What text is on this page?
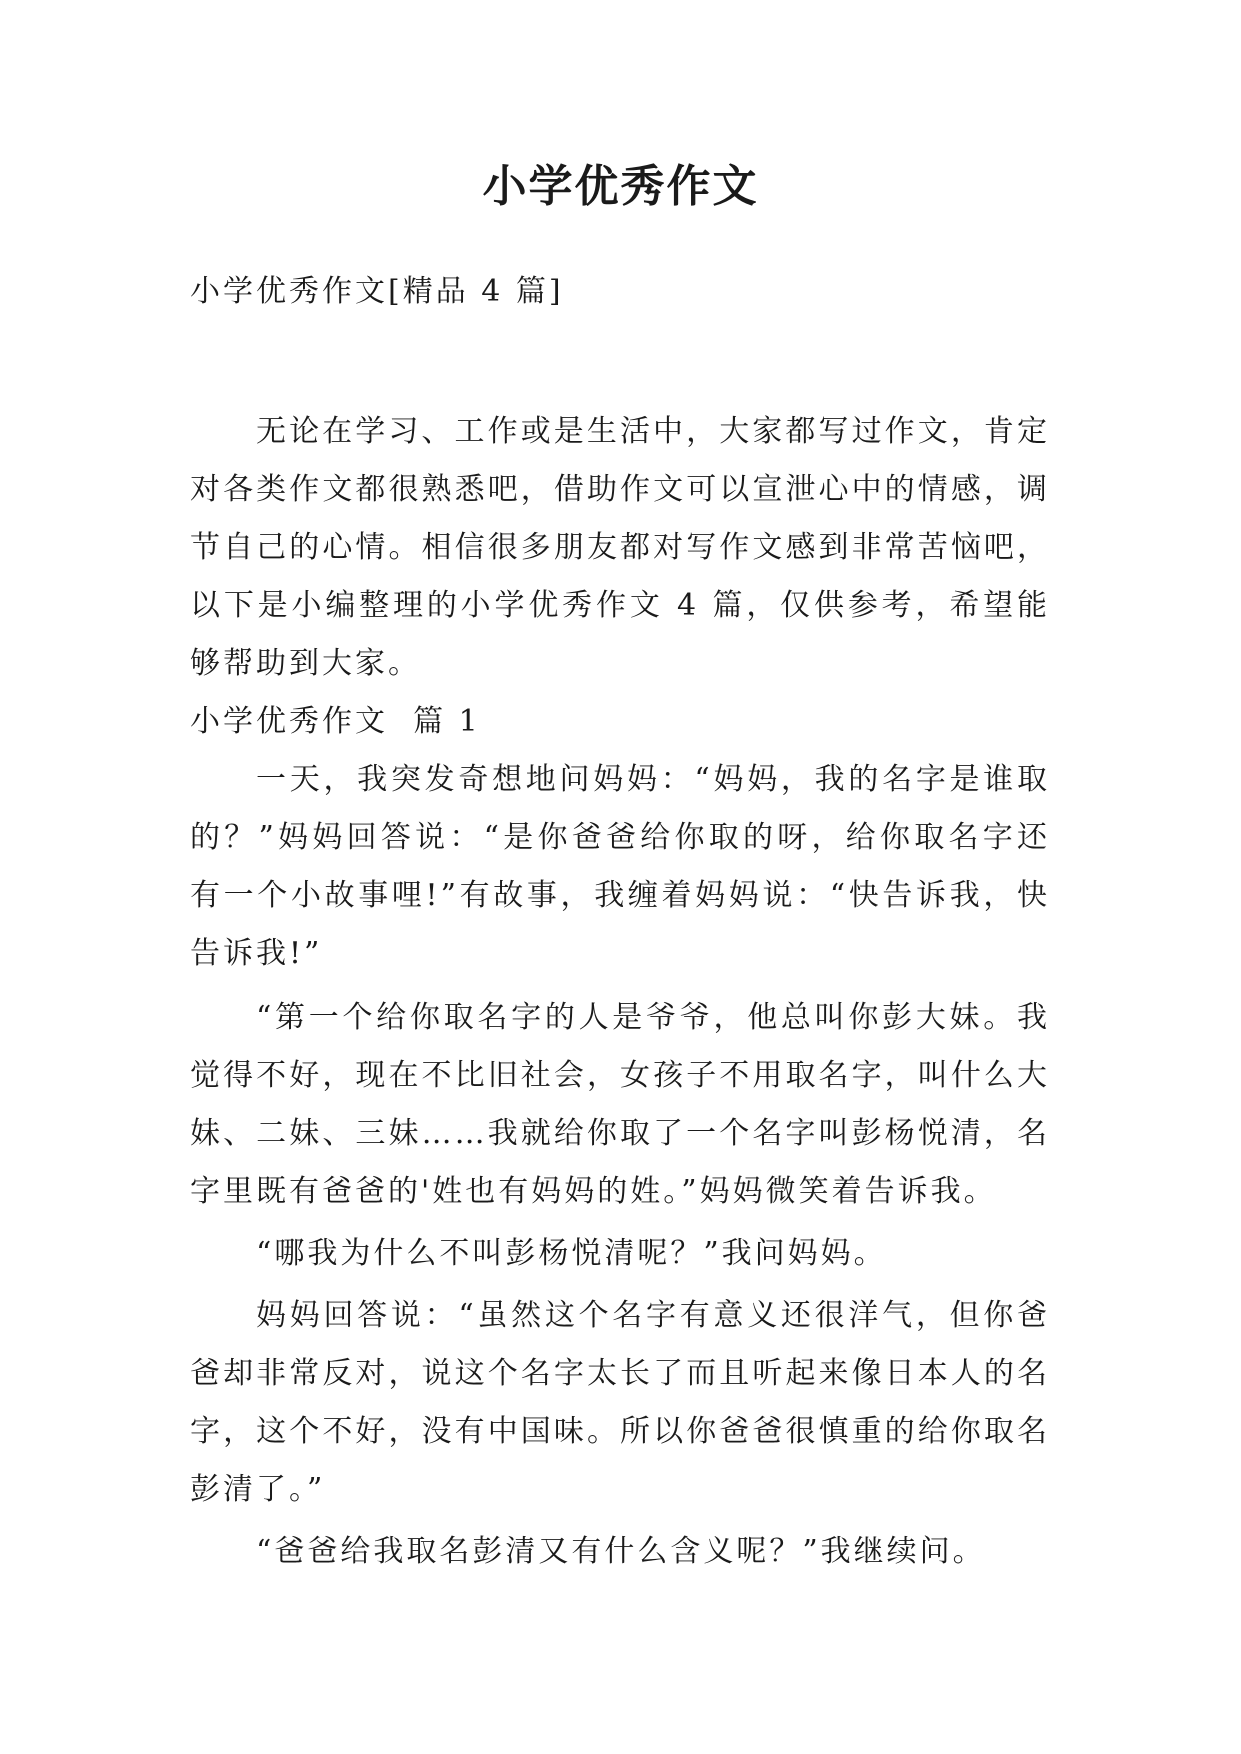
小学优秀作文

小学优秀作文[精品 4 篇]

无论在学习、工作或是生活中，大家都写过作文，肯定对各类作文都很熟悉吧，借助作文可以宣泄心中的情感，调节自己的心情。相信很多朋友都对写作文感到非常苦恼吧，以下是小编整理的小学优秀作文 4 篇，仅供参考，希望能够帮助到大家。

小学优秀作文  篇 1

一天，我突发奇想地问妈妈：“妈妈，我的名字是谁取的？”妈妈回答说：“是你爸爸给你取的呀，给你取名字还有一个小故事哩!”有故事，我缠着妈妈说：“快告诉我，快告诉我!”

“第一个给你取名字的人是爷爷，他总叫你彭大妹。我觉得不好，现在不比旧社会，女孩子不用取名字，叫什么大妹、二妹、三妹……我就给你取了一个名字叫彭杨悦清，名字里既有爸爸的'姓也有妈妈的姓。”妈妈微笑着告诉我。

“哪我为什么不叫彭杨悦清呢？”我问妈妈。

妈妈回答说：“虽然这个名字有意义还很洋气，但你爸爸却非常反对，说这个名字太长了而且听起来像日本人的名字，这个不好，没有中国味。所以你爸爸很慎重的给你取名彭清了。”

“爸爸给我取名彭清又有什么含义呢？”我继续问。
